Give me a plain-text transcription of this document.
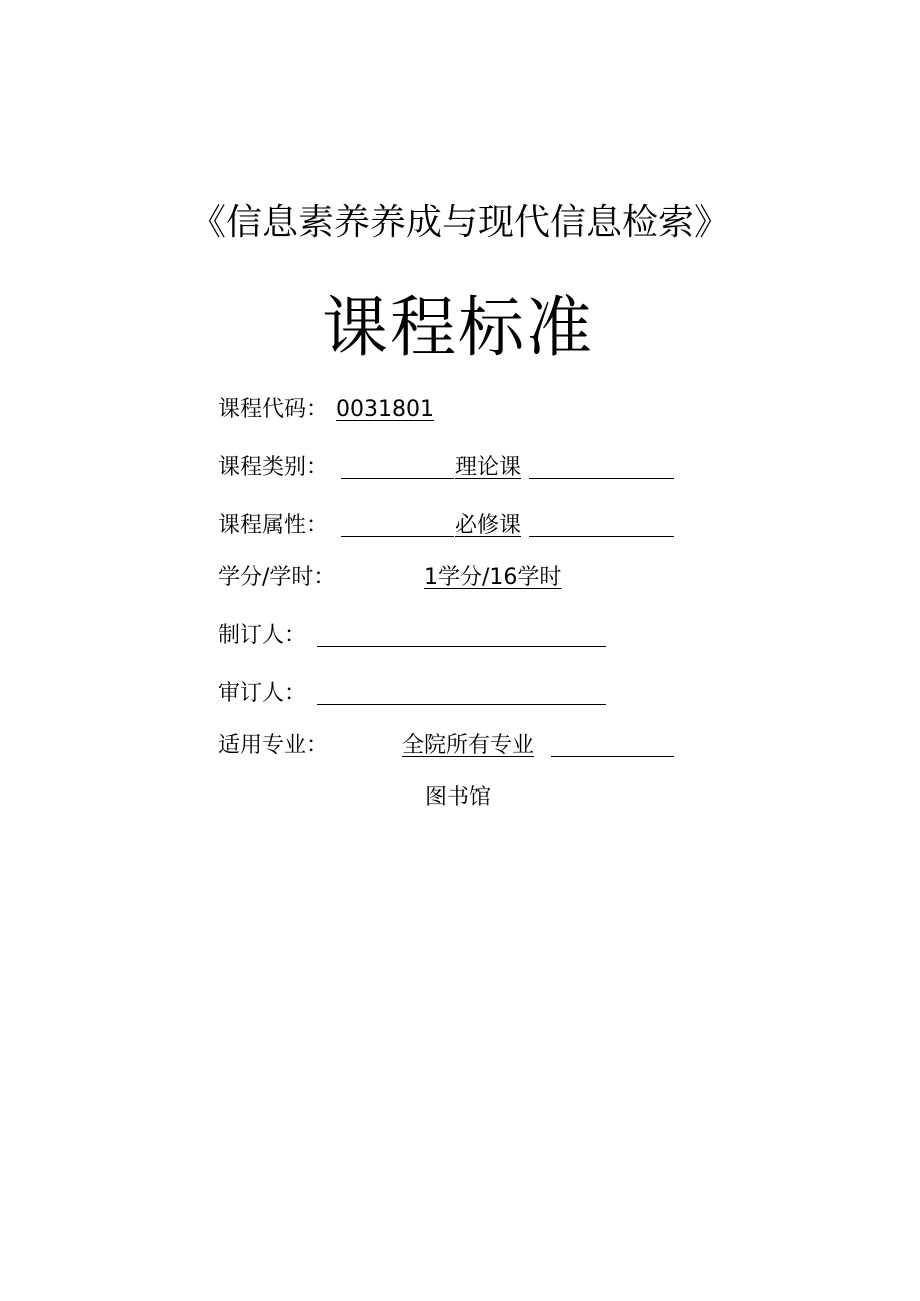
《信息素养养成与现代信息检索》
课程标准
课程代码： 0031801
课程类别：	理论课
课程属性：	必修课
学分/学时：	1学分/16学时
制订人：
审订人：
适用专业：	全院所有专业
图书馆
